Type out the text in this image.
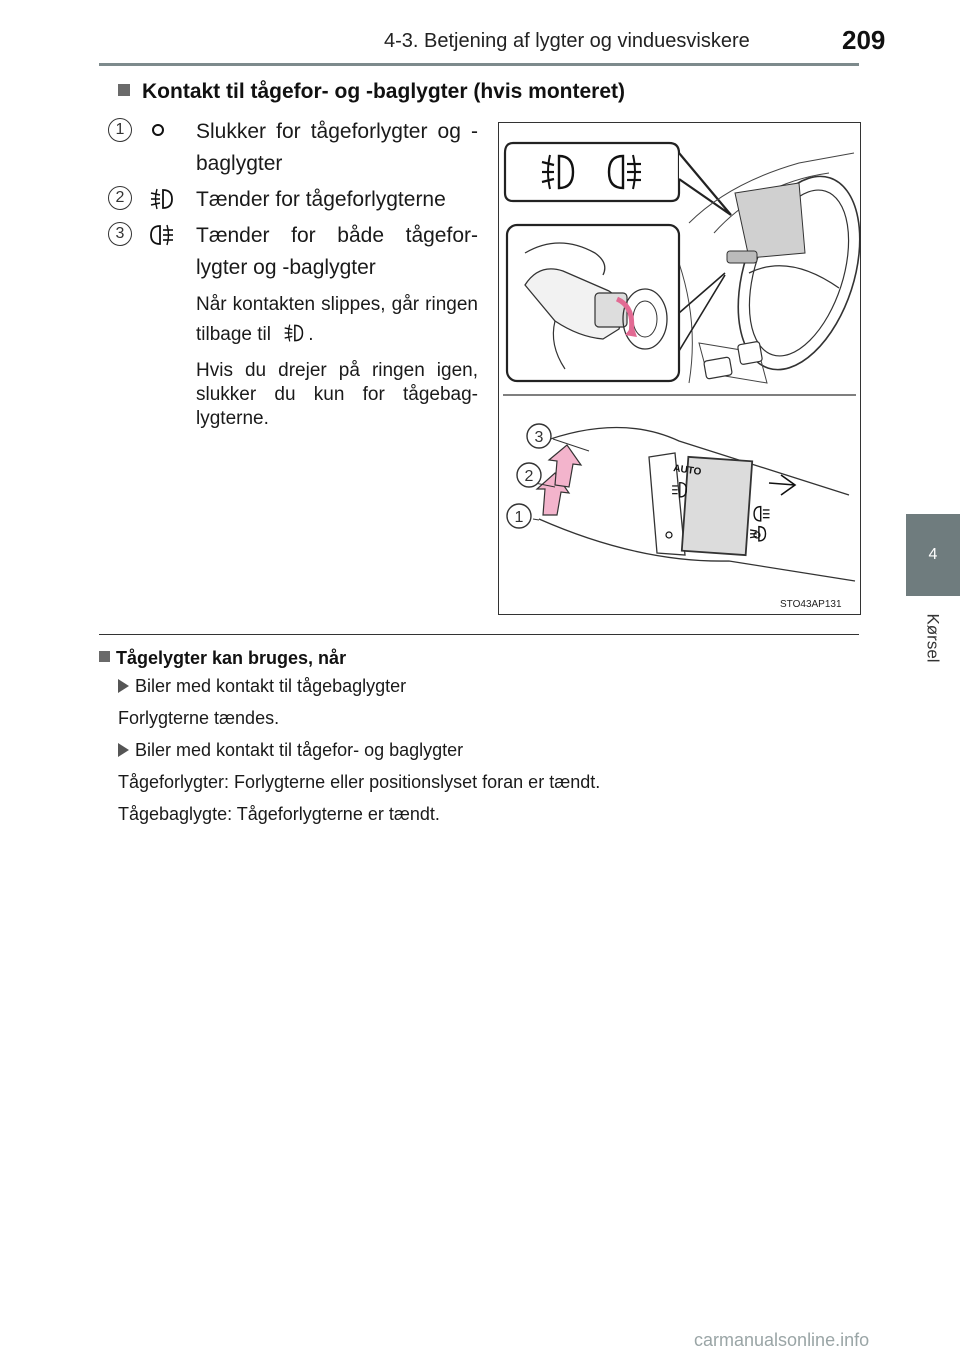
4-3. Betjening af lygter og vinduesviskere	209
4
Kørsel
Kontakt til tågefor- og -baglygter (hvis monteret)
1	Slukker for tågeforlygter og -baglygter
2	Tænder for tågeforlygterne
3	Tænder for både tågefor-lygter og -baglygter
Når kontakten slippes, går ringen tilbage til .
Hvis du drejer på ringen igen, slukker du kun for tågebag-lygterne.
AUTO
1
2
3
STO43AP131
Tågelygter kan bruges, når
Biler med kontakt til tågebaglygter
Forlygterne tændes.
Biler med kontakt til tågefor- og baglygter
Tågeforlygter: Forlygterne eller positionslyset foran er tændt.
Tågebaglygte: Tågeforlygterne er tændt.
carmanualsonline.info
